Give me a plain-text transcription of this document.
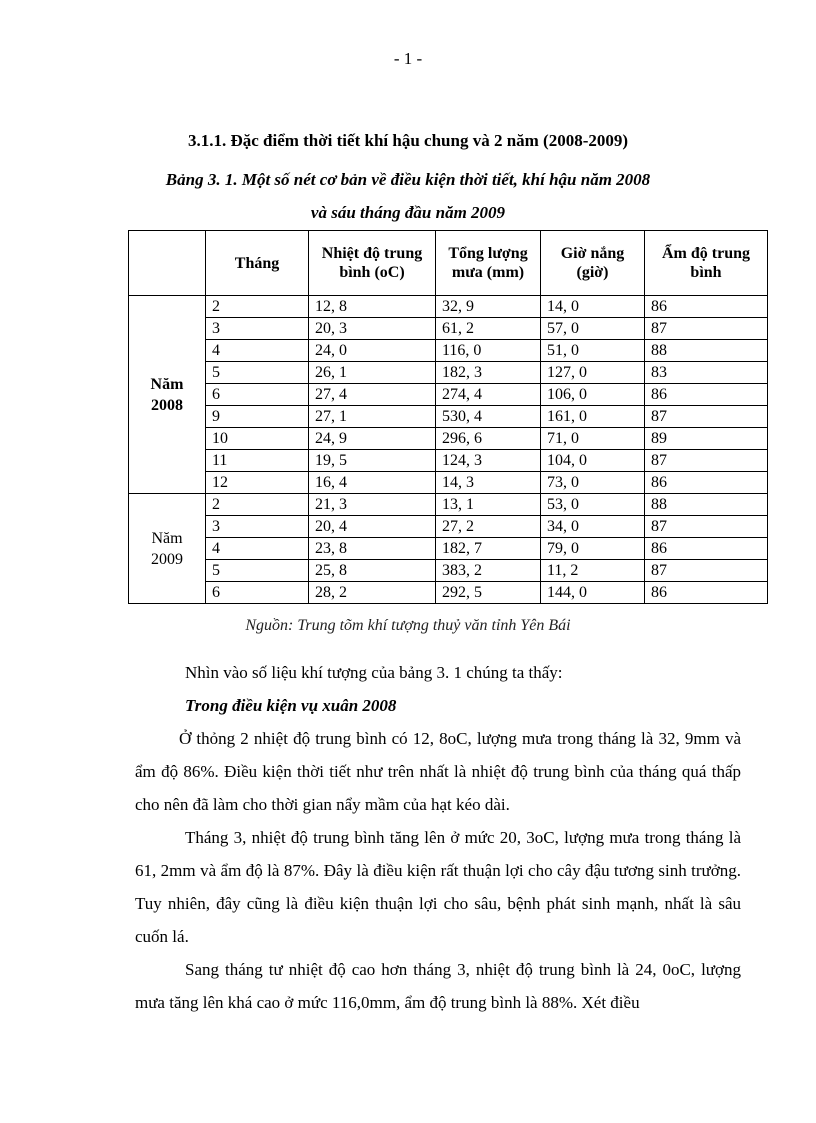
- 1 -
3.1.1. Đặc điểm thời tiết khí hậu chung và 2 năm (2008-2009)
Bảng 3. 1. Một số nét cơ bản về điều kiện thời tiết, khí hậu năm 2008
và sáu tháng đầu năm 2009
	Tháng	Nhiệt độ trung bình (oC)	Tổng lượng mưa (mm)	Giờ nắng (giờ)	Ẩm độ trung bình
Năm 2008	2	12, 8	32, 9	14, 0	86
	3	20, 3	61, 2	57, 0	87
	4	24, 0	116, 0	51, 0	88
	5	26, 1	182, 3	127, 0	83
	6	27, 4	274, 4	106, 0	86
	9	27, 1	530, 4	161, 0	87
	10	24, 9	296, 6	71, 0	89
	11	19, 5	124, 3	104, 0	87
	12	16, 4	14, 3	73, 0	86
Năm 2009	2	21, 3	13, 1	53, 0	88
	3	20, 4	27, 2	34, 0	87
	4	23, 8	182, 7	79, 0	86
	5	25, 8	383, 2	11, 2	87
	6	28, 2	292, 5	144, 0	86
Nguồn: Trung tõm khí tượng thuỷ văn tỉnh Yên Bái

Nhìn vào số liệu khí tượng của bảng 3. 1 chúng ta thấy:

Trong điều kiện vụ xuân 2008

Ở thỏng 2 nhiệt độ trung bình có 12, 8oC, lượng mưa trong tháng là 32, 9mm và ẩm độ 86%. Điều kiện thời tiết như trên nhất là nhiệt độ trung bình của tháng quá thấp cho nên đã làm cho thời gian nẩy mầm của hạt kéo dài.

Tháng 3, nhiệt độ trung bình tăng lên ở mức 20, 3oC, lượng mưa trong tháng là 61, 2mm và ẩm độ là 87%. Đây là điều kiện rất thuận lợi cho cây đậu tương sinh trưởng. Tuy nhiên, đây cũng là điều kiện thuận lợi cho sâu, bệnh phát sinh mạnh, nhất là sâu cuốn lá.

Sang tháng tư nhiệt độ cao hơn tháng 3, nhiệt độ trung bình là 24, 0oC, lượng mưa tăng lên khá cao ở mức 116,0mm, ẩm độ trung bình là 88%. Xét điều
